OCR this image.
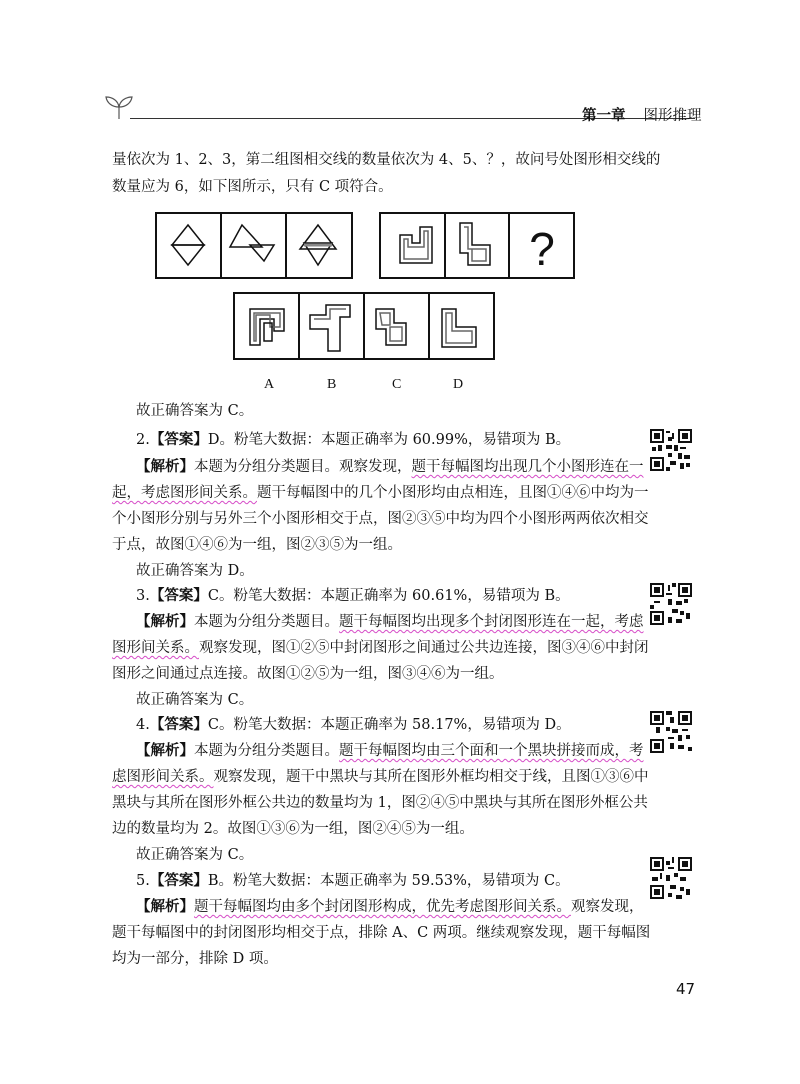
第一章 图形推理
量依次为 1、2、3，第二组图相交线的数量依次为 4、5、？，故问号处图形相交线的
数量应为 6，如下图所示，只有 C 项符合。
?
A	B	C	D
故正确答案为 C。
2.【答案】D。粉笔大数据：本题正确率为 60.99%，易错项为 B。
【解析】本题为分组分类题目。观察发现，题干每幅图均出现几个小图形连在一
起，考虑图形间关系。题干每幅图中的几个小图形均由点相连，且图①④⑥中均为一
个小图形分别与另外三个小图形相交于点，图②③⑤中均为四个小图形两两依次相交
于点，故图①④⑥为一组，图②③⑤为一组。
故正确答案为 D。
3.【答案】C。粉笔大数据：本题正确率为 60.61%，易错项为 B。
【解析】本题为分组分类题目。题干每幅图均出现多个封闭图形连在一起，考虑
图形间关系。观察发现，图①②⑤中封闭图形之间通过公共边连接，图③④⑥中封闭
图形之间通过点连接。故图①②⑤为一组，图③④⑥为一组。
故正确答案为 C。
4.【答案】C。粉笔大数据：本题正确率为 58.17%，易错项为 D。
【解析】本题为分组分类题目。题干每幅图均由三个面和一个黑块拼接而成，考
虑图形间关系。观察发现，题干中黑块与其所在图形外框均相交于线，且图①③⑥中
黑块与其所在图形外框公共边的数量均为 1，图②④⑤中黑块与其所在图形外框公共
边的数量均为 2。故图①③⑥为一组，图②④⑤为一组。
故正确答案为 C。
5.【答案】B。粉笔大数据：本题正确率为 59.53%，易错项为 C。
【解析】题干每幅图均由多个封闭图形构成，优先考虑图形间关系。观察发现，
题干每幅图中的封闭图形均相交于点，排除 A、C 两项。继续观察发现，题干每幅图
均为一部分，排除 D 项。
47
